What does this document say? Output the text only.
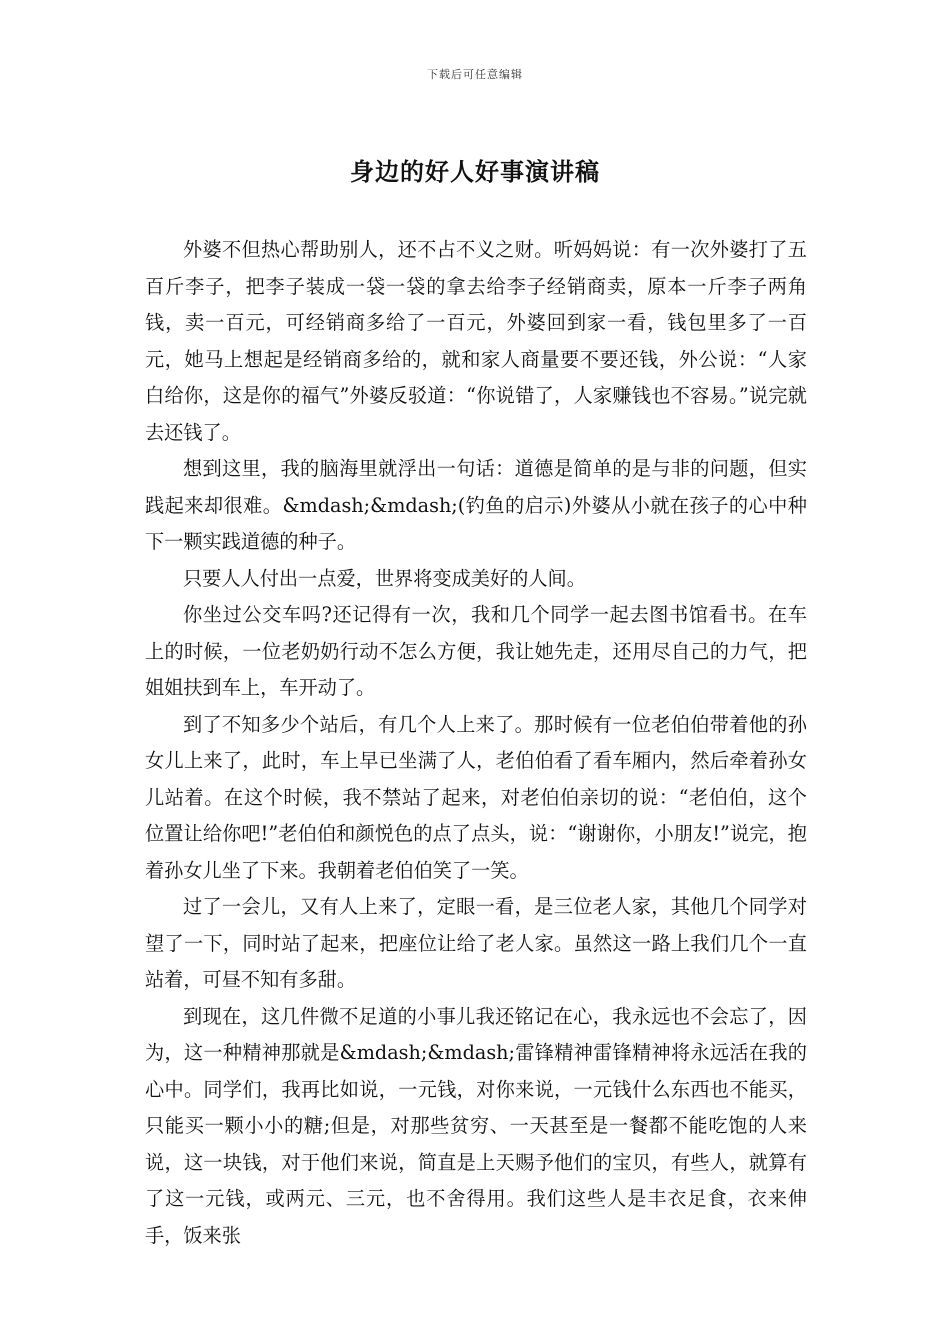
下载后可任意编辑
身边的好人好事演讲稿

外婆不但热心帮助别人，还不占不义之财。听妈妈说：有一次外婆打了五百斤李子，把李子装成一袋一袋的拿去给李子经销商卖，原本一斤李子两角钱，卖一百元，可经销商多给了一百元，外婆回到家一看，钱包里多了一百元，她马上想起是经销商多给的，就和家人商量要不要还钱，外公说：“人家白给你，这是你的福气”外婆反驳道：“你说错了，人家赚钱也不容易。”说完就去还钱了。

想到这里，我的脑海里就浮出一句话：道德是简单的是与非的问题，但实践起来却很难。&mdash;&mdash;(钓鱼的启示)外婆从小就在孩子的心中种下一颗实践道德的种子。

只要人人付出一点爱，世界将变成美好的人间。

你坐过公交车吗?还记得有一次，我和几个同学一起去图书馆看书。在车上的时候，一位老奶奶行动不怎么方便，我让她先走，还用尽自己的力气，把姐姐扶到车上，车开动了。

到了不知多少个站后，有几个人上来了。那时候有一位老伯伯带着他的孙女儿上来了，此时，车上早已坐满了人，老伯伯看了看车厢内，然后牵着孙女儿站着。在这个时候，我不禁站了起来，对老伯伯亲切的说：“老伯伯，这个位置让给你吧!”老伯伯和颜悦色的点了点头，说：“谢谢你，小朋友!”说完，抱着孙女儿坐了下来。我朝着老伯伯笑了一笑。

过了一会儿，又有人上来了，定眼一看，是三位老人家，其他几个同学对望了一下，同时站了起来，把座位让给了老人家。虽然这一路上我们几个一直站着，可昼不知有多甜。

到现在，这几件微不足道的小事儿我还铭记在心，我永远也不会忘了，因为，这一种精神那就是&mdash;&mdash;雷锋精神雷锋精神将永远活在我的心中。同学们，我再比如说，一元钱，对你来说，一元钱什么东西也不能买，只能买一颗小小的糖;但是，对那些贫穷、一天甚至是一餐都不能吃饱的人来说，这一块钱，对于他们来说，简直是上天赐予他们的宝贝，有些人，就算有了这一元钱，或两元、三元，也不舍得用。我们这些人是丰衣足食，衣来伸手，饭来张
